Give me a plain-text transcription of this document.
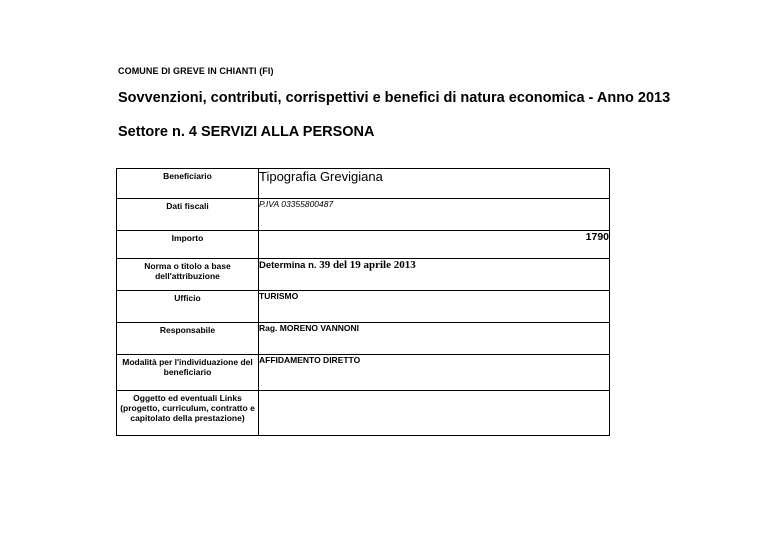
COMUNE DI GREVE IN CHIANTI (FI)
Sovvenzioni, contributi, corrispettivi e benefici di natura economica - Anno 2013
Settore n. 4 SERVIZI ALLA PERSONA
Beneficiario	Tipografia Grevigiana
Dati fiscali	P.IVA 03355800487
Importo	1790
Norma o titolo a base dell'attribuzione	Determina n. 39 del 19 aprile 2013
Ufficio	TURISMO
Responsabile	Rag. MORENO VANNONI
Modalità per l'individuazione del beneficiario	AFFIDAMENTO DIRETTO
Oggetto ed eventuali Links (progetto, curriculum, contratto e capitolato della prestazione)	
